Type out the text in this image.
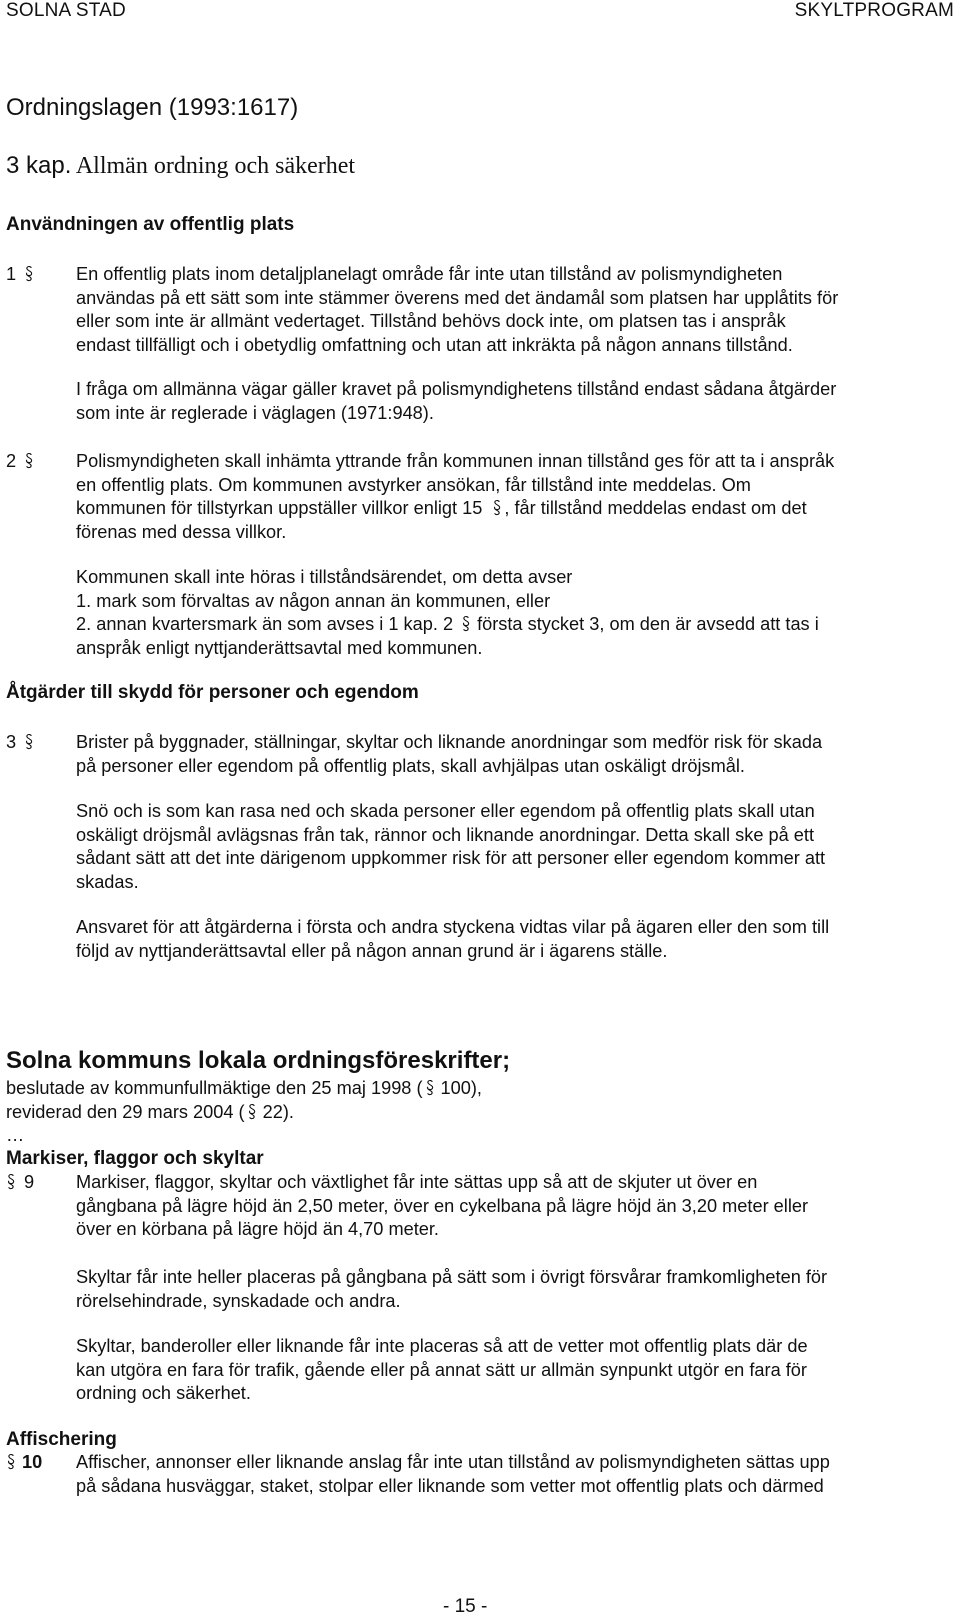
SOLNA STAD	SKYLTPROGRAM
Ordningslagen (1993:1617)
3 kap. Allmän ordning och säkerhet
Användningen av offentlig plats
1	En offentlig plats inom detaljplanelagt område får inte utan tillstånd av polismyndigheten
användas på ett sätt som inte stämmer överens med det ändamål som platsen har upplåtits för
eller som inte är allmänt vedertaget. Tillstånd behövs dock inte, om platsen tas i anspråk
endast tillfälligt och i obetydlig omfattning och utan att inkräkta på någon annans tillstånd.
I fråga om allmänna vägar gäller kravet på polismyndighetens tillstånd endast sådana åtgärder
som inte är reglerade i väglagen (1971:948).
2	Polismyndigheten skall inhämta yttrande från kommunen innan tillstånd ges för att ta i anspråk
en offentlig plats. Om kommunen avstyrker ansökan, får tillstånd inte meddelas. Om
kommunen för tillstyrkan uppställer villkor enligt 15 , får tillstånd meddelas endast om det
förenas med dessa villkor.
Kommunen skall inte höras i tillståndsärendet, om detta avser
1. mark som förvaltas av någon annan än kommunen, eller
2. annan kvartersmark än som avses i 1 kap. 2 första stycket 3, om den är avsedd att tas i
anspråk enligt nyttjanderättsavtal med kommunen.
Åtgärder till skydd för personer och egendom
3	Brister på byggnader, ställningar, skyltar och liknande anordningar som medför risk för skada
på personer eller egendom på offentlig plats, skall avhjälpas utan oskäligt dröjsmål.
Snö och is som kan rasa ned och skada personer eller egendom på offentlig plats skall utan
oskäligt dröjsmål avlägsnas från tak, rännor och liknande anordningar. Detta skall ske på ett
sådant sätt att det inte därigenom uppkommer risk för att personer eller egendom kommer att
skadas.
Ansvaret för att åtgärderna i första och andra styckena vidtas vilar på ägaren eller den som till
följd av nyttjanderättsavtal eller på någon annan grund är i ägarens ställe.
Solna kommuns lokala ordningsföreskrifter;
beslutade av kommunfullmäktige den 25 maj 1998 ( 100),
reviderad den 29 mars 2004 ( 22).
…
Markiser, flaggor och skyltar
9 Markiser, flaggor, skyltar och växtlighet får inte sättas upp så att de skjuter ut över en
gångbana på lägre höjd än 2,50 meter, över en cykelbana på lägre höjd än 3,20 meter eller
över en körbana på lägre höjd än 4,70 meter.
Skyltar får inte heller placeras på gångbana på sätt som i övrigt försvårar framkomligheten för
rörelsehindrade, synskadade och andra.
Skyltar, banderoller eller liknande får inte placeras så att de vetter mot offentlig plats där de
kan utgöra en fara för trafik, gående eller på annat sätt ur allmän synpunkt utgör en fara för
ordning och säkerhet.
Affischering
10 Affischer, annonser eller liknande anslag får inte utan tillstånd av polismyndigheten sättas upp
på sådana husväggar, staket, stolpar eller liknande som vetter mot offentlig plats och därmed
- 15 -
